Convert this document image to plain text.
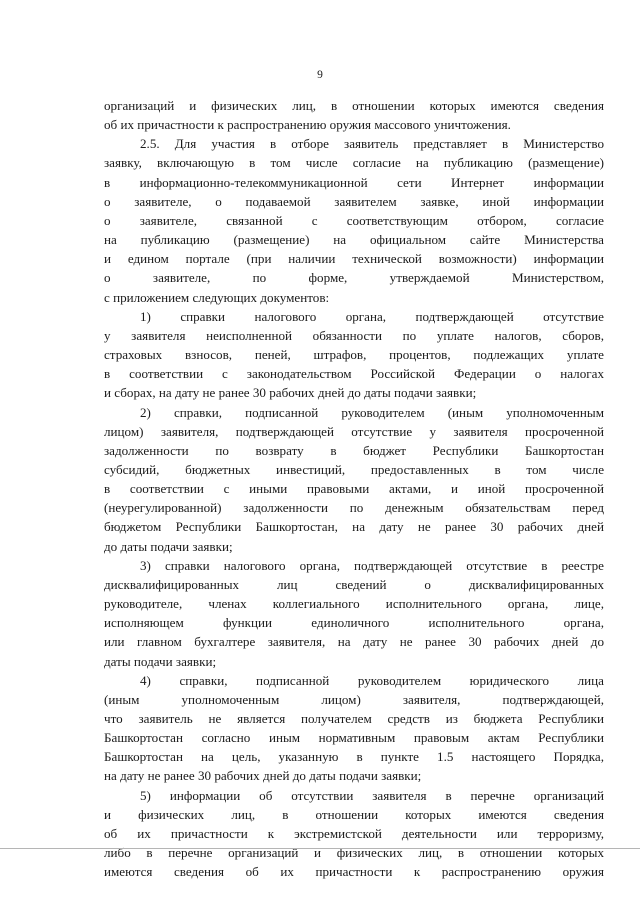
9
организаций и физических лиц, в отношении которых имеются сведения
об их причастности к распространению оружия массового уничтожения.
2.5. Для участия в отборе заявитель представляет в Министерство
заявку, включающую в том числе согласие на публикацию (размещение)
в информационно-телекоммуникационной сети Интернет информации
о заявителе, о подаваемой заявителем заявке, иной информации
о заявителе, связанной с соответствующим отбором, согласие
на публикацию (размещение) на официальном сайте Министерства
и едином портале (при наличии технической возможности) информации
о заявителе, по форме, утверждаемой Министерством,
с приложением следующих документов:
1) справки налогового органа, подтверждающей отсутствие
у заявителя неисполненной обязанности по уплате налогов, сборов,
страховых взносов, пеней, штрафов, процентов, подлежащих уплате
в соответствии с законодательством Российской Федерации о налогах
и сборах, на дату не ранее 30 рабочих дней до даты подачи заявки;
2) справки, подписанной руководителем (иным уполномоченным
лицом) заявителя, подтверждающей отсутствие у заявителя просроченной
задолженности по возврату в бюджет Республики Башкортостан
субсидий, бюджетных инвестиций, предоставленных в том числе
в соответствии с иными правовыми актами, и иной просроченной
(неурегулированной) задолженности по денежным обязательствам перед
бюджетом Республики Башкортостан, на дату не ранее 30 рабочих дней
до даты подачи заявки;
3) справки налогового органа, подтверждающей отсутствие в реестре
дисквалифицированных лиц сведений о дисквалифицированных
руководителе, членах коллегиального исполнительного органа, лице,
исполняющем функции единоличного исполнительного органа,
или главном бухгалтере заявителя, на дату не ранее 30 рабочих дней до
даты подачи заявки;
4) справки, подписанной руководителем юридического лица
(иным уполномоченным лицом) заявителя, подтверждающей,
что заявитель не является получателем средств из бюджета Республики
Башкортостан согласно иным нормативным правовым актам Республики
Башкортостан на цель, указанную в пункте 1.5 настоящего Порядка,
на дату не ранее 30 рабочих дней до даты подачи заявки;
5) информации об отсутствии заявителя в перечне организаций
и физических лиц, в отношении которых имеются сведения
об их причастности к экстремистской деятельности или терроризму,
либо в перечне организаций и физических лиц, в отношении которых
имеются сведения об их причастности к распространению оружия
